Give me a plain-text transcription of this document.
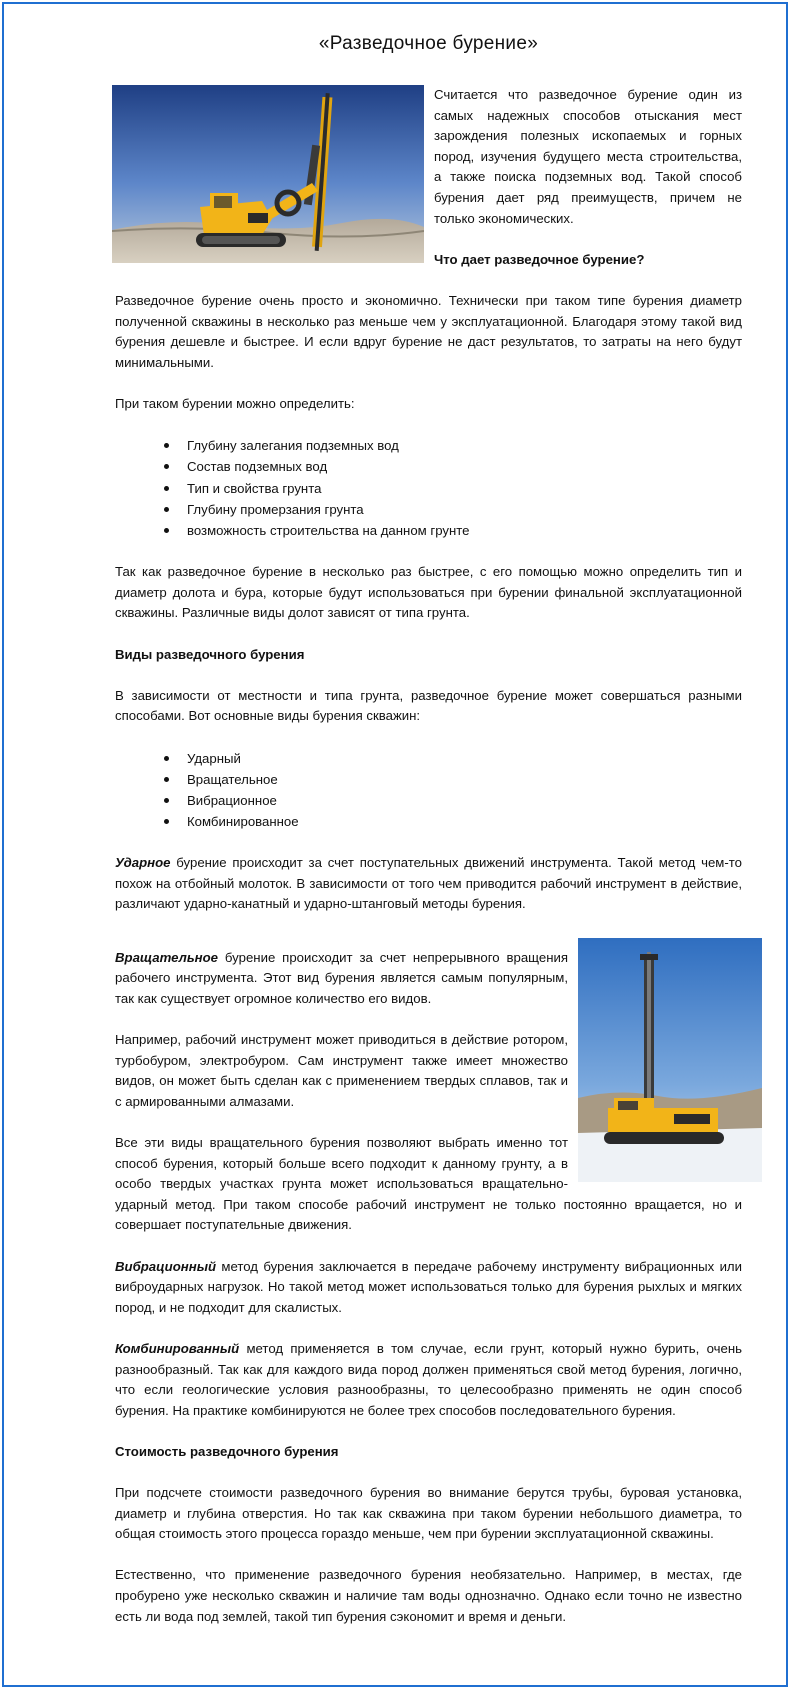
«Разведочное бурение»

Считается что разведочное бурение один из самых надежных способов отыскания мест зарождения полезных ископаемых и горных пород, изучения будущего места строительства, а также поиска подземных вод. Такой способ бурения дает ряд преимуществ, причем не только экономических.

Что дает разведочное бурение?

Разведочное бурение очень просто и экономично. Технически при таком типе бурения диаметр полученной скважины в несколько раз меньше чем у эксплуатационной. Благодаря этому такой вид бурения дешевле и быстрее. И если вдруг бурение не даст результатов, то затраты на него будут минимальными.

При таком бурении можно определить:

Глубину залегания подземных вод
Состав подземных вод
Тип и свойства грунта
Глубину промерзания грунта
возможность строительства на данном грунте

Так как разведочное бурение в несколько раз быстрее, с его помощью можно определить тип и диаметр долота и бура, которые будут использоваться при бурении финальной эксплуатационной скважины. Различные виды долот зависят от типа грунта.

Виды разведочного бурения

В зависимости от местности и типа грунта, разведочное бурение может совершаться разными способами. Вот основные виды бурения скважин:

Ударный
Вращательное
Вибрационное
Комбинированное

Ударное бурение происходит за счет поступательных движений инструмента. Такой метод чем-то похож на отбойный молоток. В зависимости от того чем приводится рабочий инструмент в действие, различают ударно-канатный и ударно-штанговый методы бурения.

Вращательное бурение происходит за счет непрерывного вращения рабочего инструмента. Этот вид бурения является самым популярным, так как существует огромное количество его видов.

Например, рабочий инструмент может приводиться в действие ротором, турбобуром, электробуром. Сам инструмент также имеет множество видов, он может быть сделан как с применением твердых сплавов, так и с армированными алмазами.

Все эти виды вращательного бурения позволяют выбрать именно тот способ бурения, который больше всего подходит к данному грунту, а в особо твердых участках грунта может использоваться вращательно-ударный метод. При таком способе рабочий инструмент не только постоянно вращается, но и совершает поступательные движения.

Вибрационный метод бурения заключается в передаче рабочему инструменту вибрационных или виброударных нагрузок. Но такой метод может использоваться только для бурения рыхлых и мягких пород, и не подходит для скалистых.

Комбинированный метод применяется в том случае, если грунт, который нужно бурить, очень разнообразный. Так как для каждого вида пород должен применяться свой метод бурения, логично, что если геологические условия разнообразны, то целесообразно применять не один способ бурения. На практике комбинируются не более трех способов последовательного бурения.

Стоимость разведочного бурения

При подсчете стоимости разведочного бурения во внимание берутся трубы, буровая установка, диаметр и глубина отверстия. Но так как скважина при таком бурении небольшого диаметра, то общая стоимость этого процесса гораздо меньше, чем при бурении эксплуатационной скважины.

Естественно, что применение разведочного бурения необязательно. Например, в местах, где пробурено уже несколько скважин и наличие там воды однозначно. Однако если точно не известно есть ли вода под землей, такой тип бурения сэкономит и время и деньги.
